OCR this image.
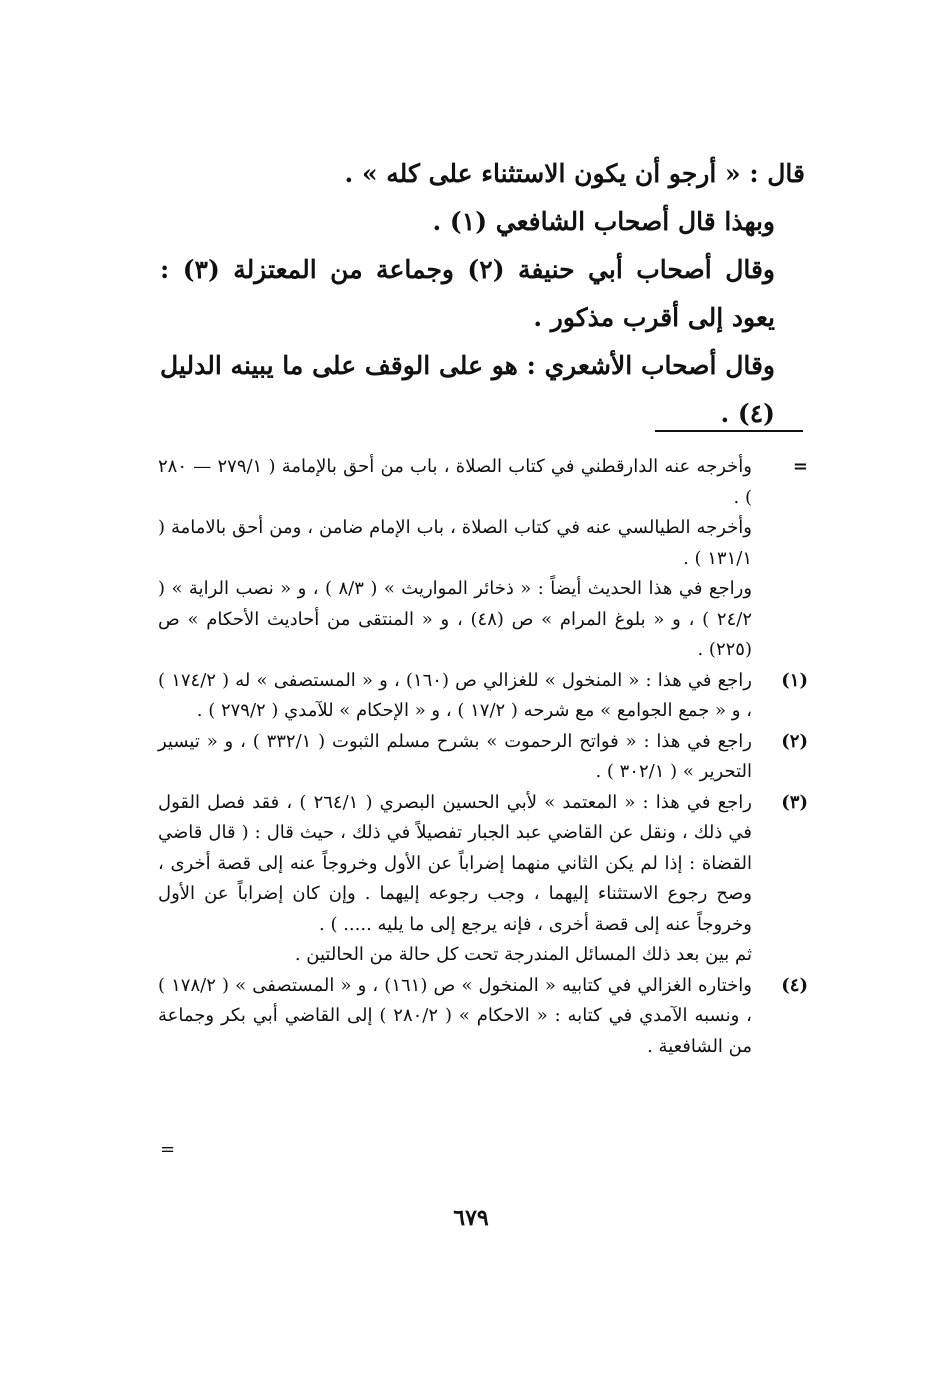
قال : « أرجو أن يكون الاستثناء على كله » .

وبهذا قال أصحاب الشافعي (١) .

وقال أصحاب أبي حنيفة (٢) وجماعة من المعتزلة (٣) : يعود إلى أقرب مذكور .

وقال أصحاب الأشعري : هو على الوقف على ما يبينه الدليل (٤) .

=

وأخرجه عنه الدارقطني في كتاب الصلاة ، باب من أحق بالإمامة ( ٢٧٩/١ — ٢٨٠ ) .

وأخرجه الطيالسي عنه في كتاب الصلاة ، باب الإمام ضامن ، ومن أحق بالامامة ( ١٣١/١ ) .

وراجع في هذا الحديث أيضاً : « ذخائر المواريث » ( ٨/٣ ) ، و « نصب الراية » ( ٢٤/٢ ) ، و « بلوغ المرام » ص (٤٨) ، و « المنتقى من أحاديث الأحكام » ص (٢٢٥) .

(١)

راجع في هذا : « المنخول » للغزالي ص (١٦٠) ، و « المستصفى » له ( ١٧٤/٢ ) ، و « جمع الجوامع » مع شرحه ( ١٧/٢ ) ، و « الإحكام » للآمدي ( ٢٧٩/٢ ) .

(٢)

راجع في هذا : « فواتح الرحموت » بشرح مسلم الثبوت ( ٣٣٢/١ ) ، و « تيسير التحرير » ( ٣٠٢/١ ) .

(٣)

راجع في هذا : « المعتمد » لأبي الحسين البصري ( ٢٦٤/١ ) ، فقد فصل القول في ذلك ، ونقل عن القاضي عبد الجبار تفصيلاً في ذلك ، حيث قال : ( قال قاضي القضاة : إذا لم يكن الثاني منهما إضراباً عن الأول وخروجاً عنه إلى قصة أخرى ، وصح رجوع الاستثناء إليهما ، وجب رجوعه إليهما . وإن كان إضراباً عن الأول وخروجاً عنه إلى قصة أخرى ، فإنه يرجع إلى ما يليه ..... ) .

ثم بين بعد ذلك المسائل المندرجة تحت كل حالة من الحالتين .

(٤)

واختاره الغزالي في كتابيه « المنخول » ص (١٦١) ، و « المستصفى » ( ١٧٨/٢ ) ، ونسبه الآمدي في كتابه : « الاحكام » ( ٢٨٠/٢ ) إلى القاضي أبي بكر وجماعة من الشافعية .

=
٦٧٩
